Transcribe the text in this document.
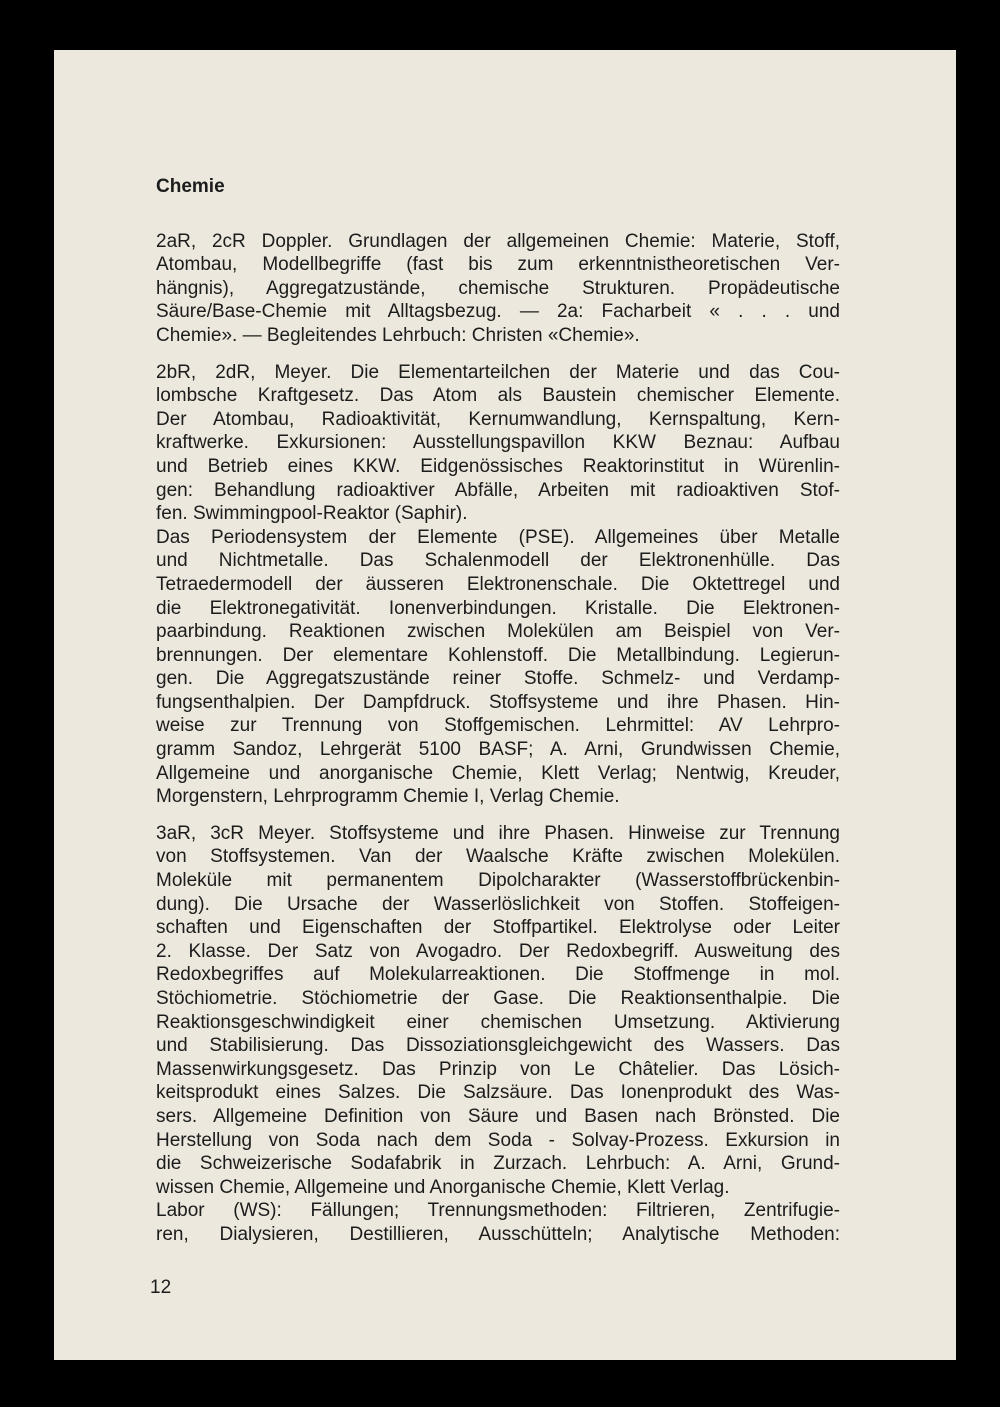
Chemie
2aR, 2cR Doppler. Grundlagen der allgemeinen Chemie: Materie, Stoff,
Atombau, Modellbegriffe (fast bis zum erkenntnistheoretischen Ver-
hängnis), Aggregatzustände, chemische Strukturen. Propädeutische
Säure/Base-Chemie mit Alltagsbezug. — 2a: Facharbeit « . . . und
Chemie». — Begleitendes Lehrbuch: Christen «Chemie».
2bR, 2dR, Meyer. Die Elementarteilchen der Materie und das Cou-
lombsche Kraftgesetz. Das Atom als Baustein chemischer Elemente.
Der Atombau, Radioaktivität, Kernumwandlung, Kernspaltung, Kern-
kraftwerke. Exkursionen: Ausstellungspavillon KKW Beznau: Aufbau
und Betrieb eines KKW. Eidgenössisches Reaktorinstitut in Würenlin-
gen: Behandlung radioaktiver Abfälle, Arbeiten mit radioaktiven Stof-
fen. Swimmingpool-Reaktor (Saphir).
Das Periodensystem der Elemente (PSE). Allgemeines über Metalle
und Nichtmetalle. Das Schalenmodell der Elektronenhülle. Das
Tetraedermodell der äusseren Elektronenschale. Die Oktettregel und
die Elektronegativität. Ionenverbindungen. Kristalle. Die Elektronen-
paarbindung. Reaktionen zwischen Molekülen am Beispiel von Ver-
brennungen. Der elementare Kohlenstoff. Die Metallbindung. Legierun-
gen. Die Aggregatszustände reiner Stoffe. Schmelz- und Verdamp-
fungsenthalpien. Der Dampfdruck. Stoffsysteme und ihre Phasen. Hin-
weise zur Trennung von Stoffgemischen. Lehrmittel: AV Lehrpro-
gramm Sandoz, Lehrgerät 5100 BASF; A. Arni, Grundwissen Chemie,
Allgemeine und anorganische Chemie, Klett Verlag; Nentwig, Kreuder,
Morgenstern, Lehrprogramm Chemie I, Verlag Chemie.
3aR, 3cR Meyer. Stoffsysteme und ihre Phasen. Hinweise zur Trennung
von Stoffsystemen. Van der Waalsche Kräfte zwischen Molekülen.
Moleküle mit permanentem Dipolcharakter (Wasserstoffbrückenbin-
dung). Die Ursache der Wasserlöslichkeit von Stoffen. Stoffeigen-
schaften und Eigenschaften der Stoffpartikel. Elektrolyse oder Leiter
2. Klasse. Der Satz von Avogadro. Der Redoxbegriff. Ausweitung des
Redoxbegriffes auf Molekularreaktionen. Die Stoffmenge in mol.
Stöchiometrie. Stöchiometrie der Gase. Die Reaktionsenthalpie. Die
Reaktionsgeschwindigkeit einer chemischen Umsetzung. Aktivierung
und Stabilisierung. Das Dissoziationsgleichgewicht des Wassers. Das
Massenwirkungsgesetz. Das Prinzip von Le Châtelier. Das Lösich-
keitsprodukt eines Salzes. Die Salzsäure. Das Ionenprodukt des Was-
sers. Allgemeine Definition von Säure und Basen nach Brönsted. Die
Herstellung von Soda nach dem Soda - Solvay-Prozess. Exkursion in
die Schweizerische Sodafabrik in Zurzach. Lehrbuch: A. Arni, Grund-
wissen Chemie, Allgemeine und Anorganische Chemie, Klett Verlag.
Labor (WS): Fällungen; Trennungsmethoden: Filtrieren, Zentrifugie-
ren, Dialysieren, Destillieren, Ausschütteln; Analytische Methoden:
12
